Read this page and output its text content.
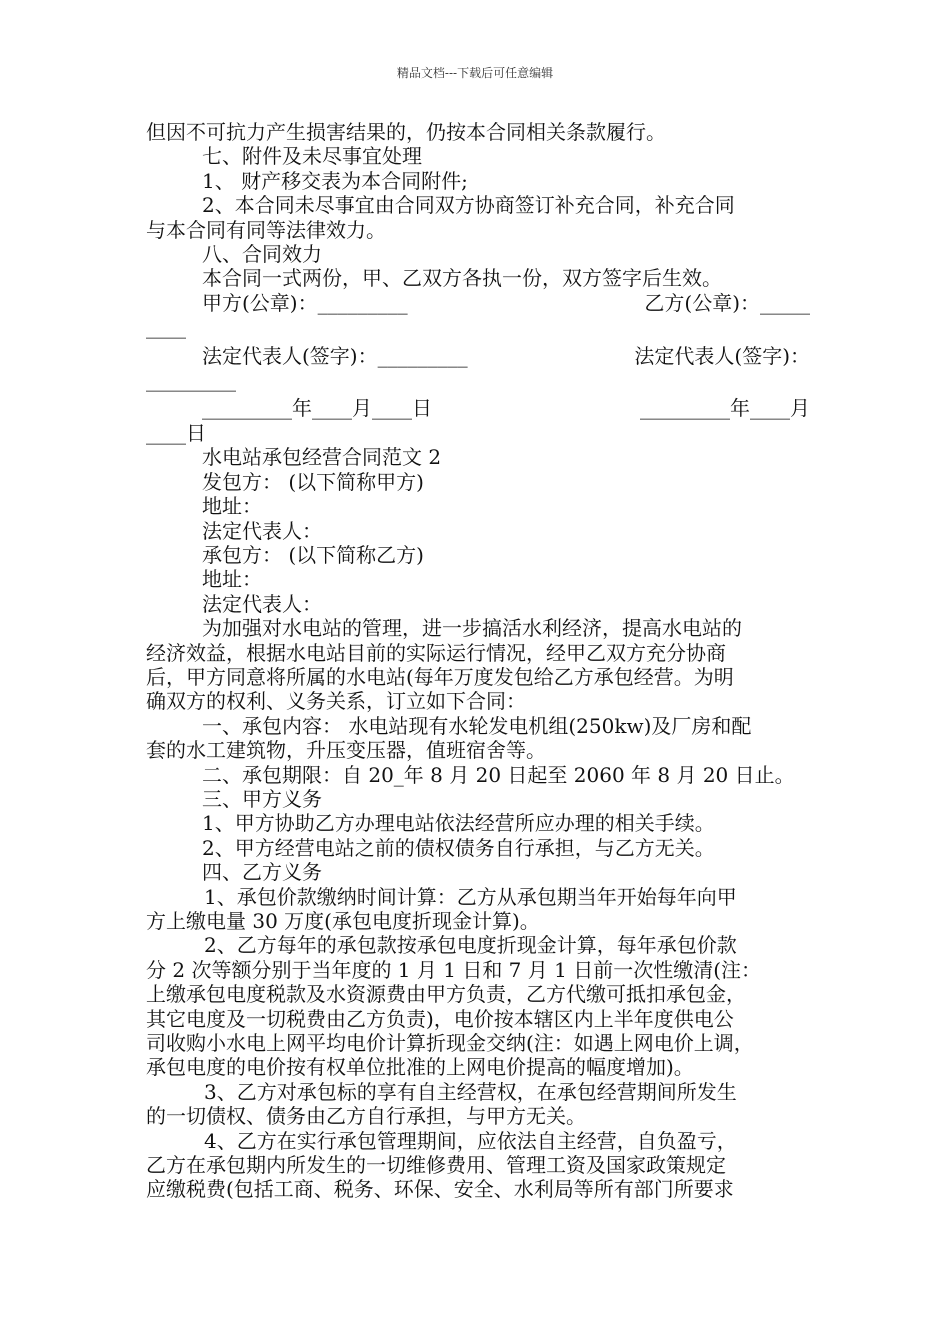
精品文档---下载后可任意编辑

但因不可抗力产生损害结果的，仍按本合同相关条款履行。

七、附件及未尽事宜处理

1、 财产移交表为本合同附件;

2、本合同未尽事宜由合同双方协商签订补充合同，补充合同

与本合同有同等法律效力。

八、合同效力

本合同一式两份，甲、乙双方各执一份，双方签字后生效。

甲方(公章)：_________	乙方(公章)：_____

____

法定代表人(签字)：_________	法定代表人(签字)：

_________

_________年____月____日	_________年____月

____日

水电站承包经营合同范文 2

发包方： (以下简称甲方)

地址：

法定代表人：

承包方： (以下简称乙方)

地址：

法定代表人：

为加强对水电站的管理，进一步搞活水利经济，提高水电站的

经济效益，根据水电站目前的实际运行情况，经甲乙双方充分协商

后，甲方同意将所属的水电站(每年万度发包给乙方承包经营。为明

确双方的权利、义务关系，订立如下合同：

一、承包内容： 水电站现有水轮发电机组(250kw)及厂房和配

套的水工建筑物，升压变压器，值班宿舍等。

二、承包期限：自 20_年 8 月 20 日起至 2060 年 8 月 20 日止。

三、甲方义务

1、甲方协助乙方办理电站依法经营所应办理的相关手续。

2、甲方经营电站之前的债权债务自行承担，与乙方无关。

四、乙方义务

1、承包价款缴纳时间计算：乙方从承包期当年开始每年向甲

方上缴电量 30 万度(承包电度折现金计算)。

2、乙方每年的承包款按承包电度折现金计算，每年承包价款

分 2 次等额分别于当年度的 1 月 1 日和 7 月 1 日前一次性缴清(注：

上缴承包电度税款及水资源费由甲方负责，乙方代缴可抵扣承包金，

其它电度及一切税费由乙方负责)，电价按本辖区内上半年度供电公

司收购小水电上网平均电价计算折现金交纳(注：如遇上网电价上调，

承包电度的电价按有权单位批准的上网电价提高的幅度增加)。

3、乙方对承包标的享有自主经营权，在承包经营期间所发生

的一切债权、债务由乙方自行承担，与甲方无关。

4、乙方在实行承包管理期间，应依法自主经营，自负盈亏，

乙方在承包期内所发生的一切维修费用、管理工资及国家政策规定

应缴税费(包括工商、税务、环保、安全、水利局等所有部门所要求
